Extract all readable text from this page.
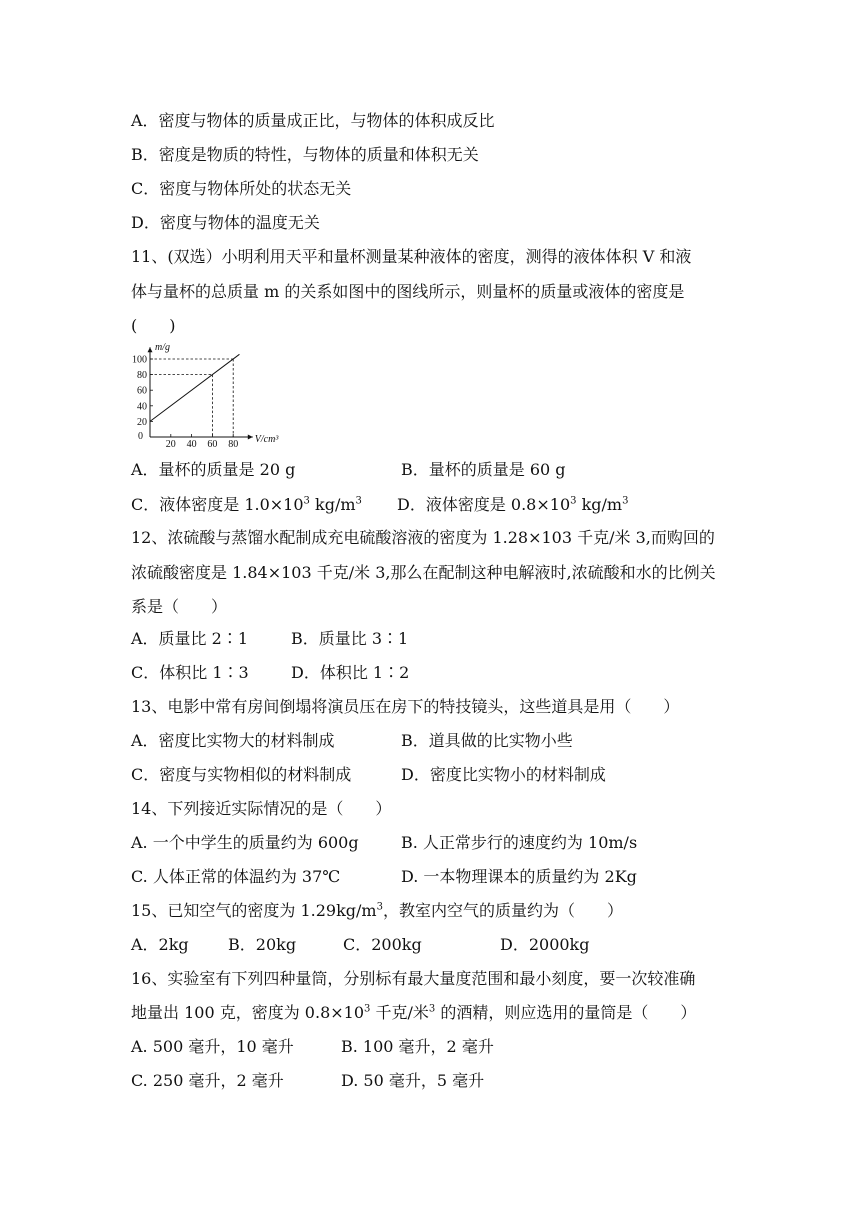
A．密度与物体的质量成正比，与物体的体积成反比
B．密度是物质的特性，与物体的质量和体积无关
C．密度与物体所处的状态无关
D．密度与物体的温度无关
11、(双选）小明利用天平和量杯测量某种液体的密度，测得的液体体积 V 和液
体与量杯的总质量 m 的关系如图中的图线所示，则量杯的质量或液体的密度是
(　　)
20 40 60 80
20
40
60
80
100
0	V/cm³
m/g
A．量杯的质量是 20 g	B．量杯的质量是 60 g
C．液体密度是 $1.0\times 10^3$ $kg/m^3$ D．液体密度是 $0.8\times 10^3$ $kg/m^3$
12、浓硫酸与蒸馏水配制成充电硫酸溶液的密度为 1.28×103 千克/米 3,而购回的
浓硫酸密度是 1.84×103 千克/米 3,那么在配制这种电解液时,浓硫酸和水的比例关
系是（　　）
A．质量比 2∶1	B．质量比 3∶1
C．体积比 1∶3	D．体积比 1∶2
13、电影中常有房间倒塌将演员压在房下的特技镜头，这些道具是用（　　）
A．密度比实物大的材料制成	B．道具做的比实物小些
C．密度与实物相似的材料制成	D．密度比实物小的材料制成
14、下列接近实际情况的是（　　）
A. 一个中学生的质量约为 600g	B. 人正常步行的速度约为 10m/s
C. 人体正常的体温约为 37℃	D. 一本物理课本的质量约为 2Kg
15、已知空气的密度为 $1.29kg/m^3$，教室内空气的质量约为（　　）
A．2kg B．20kg	C．200kg	D．2000kg
16、实验室有下列四种量筒，分别标有最大量度范围和最小刻度，要一次较准确
地量出 100 克，密度为 $0.8\times 10^3$ 千克/米$^3$ 的酒精，则应选用的量筒是（　　）
A. 500 毫升，10 毫升	B. 100 毫升，2 毫升
C. 250 毫升，2 毫升	D. 50 毫升，5 毫升
